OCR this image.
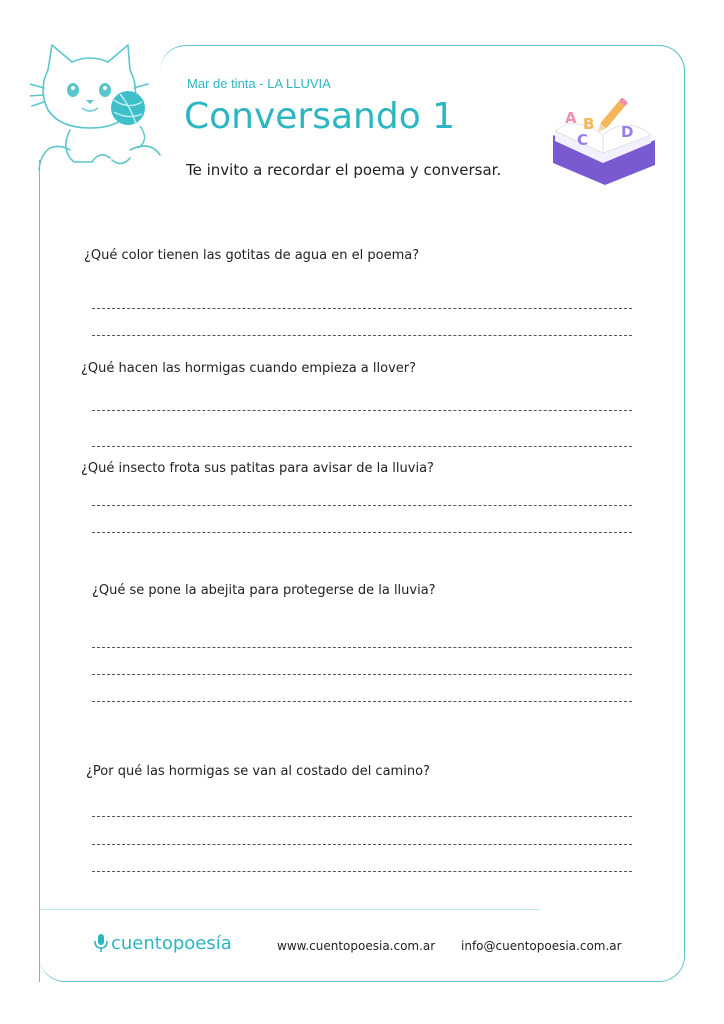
Mar de tinta - LA LLUVIA
Conversando 1
Te invito a recordar el poema y conversar.
A B
C D
¿Qué color tienen las gotitas de agua en el poema?
¿Qué hacen las hormigas cuando empieza a llover?
¿Qué insecto frota sus patitas para avisar de la lluvia?
¿Qué se pone la abejita para protegerse de la lluvia?
¿Por qué las hormigas se van al costado del camino?
cuentopoesía	www.cuentopoesia.com.ar info@cuentopoesia.com.ar
